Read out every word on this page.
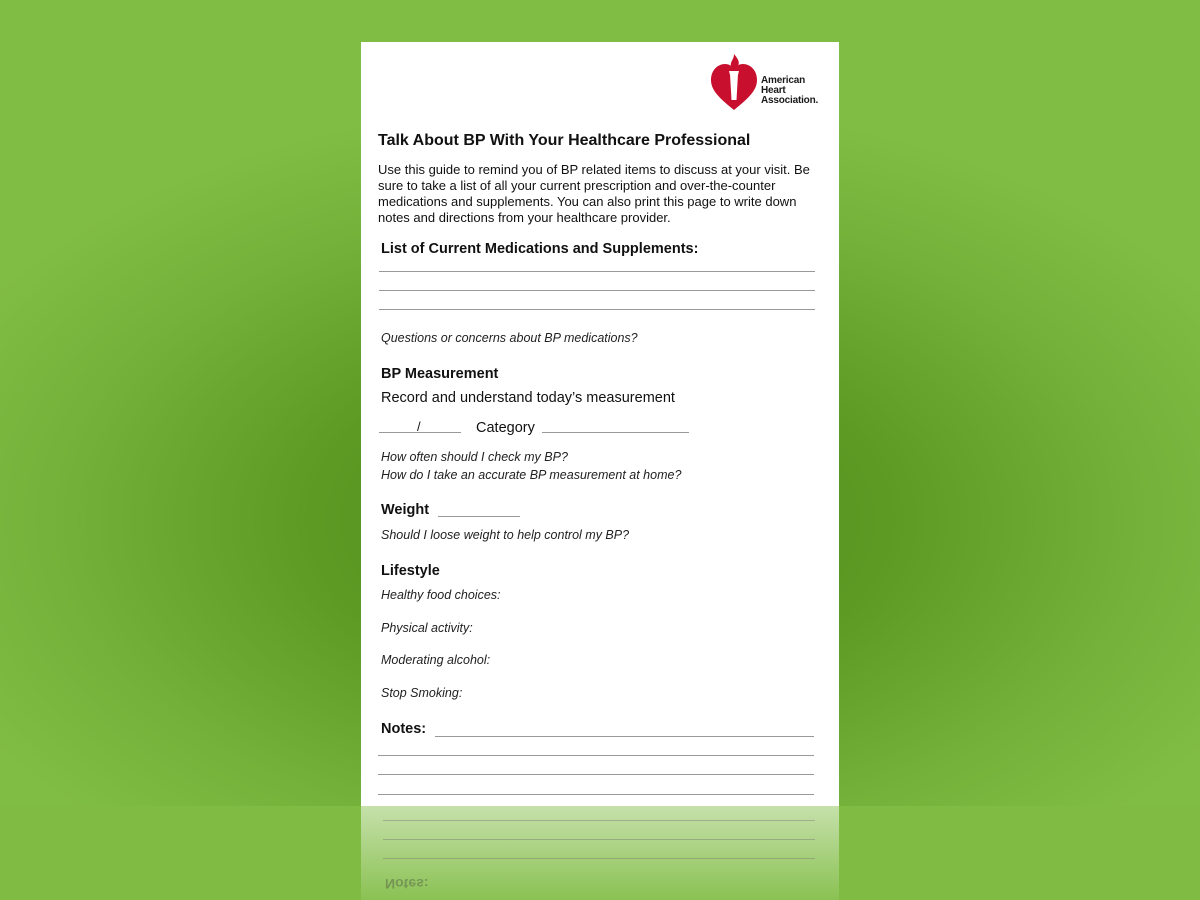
American
Heart
Association.
Talk About BP With Your Healthcare Professional
Use this guide to remind you of BP related items to discuss at your visit. Be sure to take a list of all your current prescription and over-the-counter medications and supplements. You can also print this page to write down notes and directions from your healthcare provider.
List of Current Medications and Supplements:
Questions or concerns about BP medications?
BP Measurement
Record and understand today’s measurement
/	Category
How often should I check my BP?
How do I take an accurate BP measurement at home?
Weight
Should I loose weight to help control my BP?
Lifestyle
Healthy food choices:
Physical activity:
Moderating alcohol:
Stop Smoking:
Notes:
Notes:
